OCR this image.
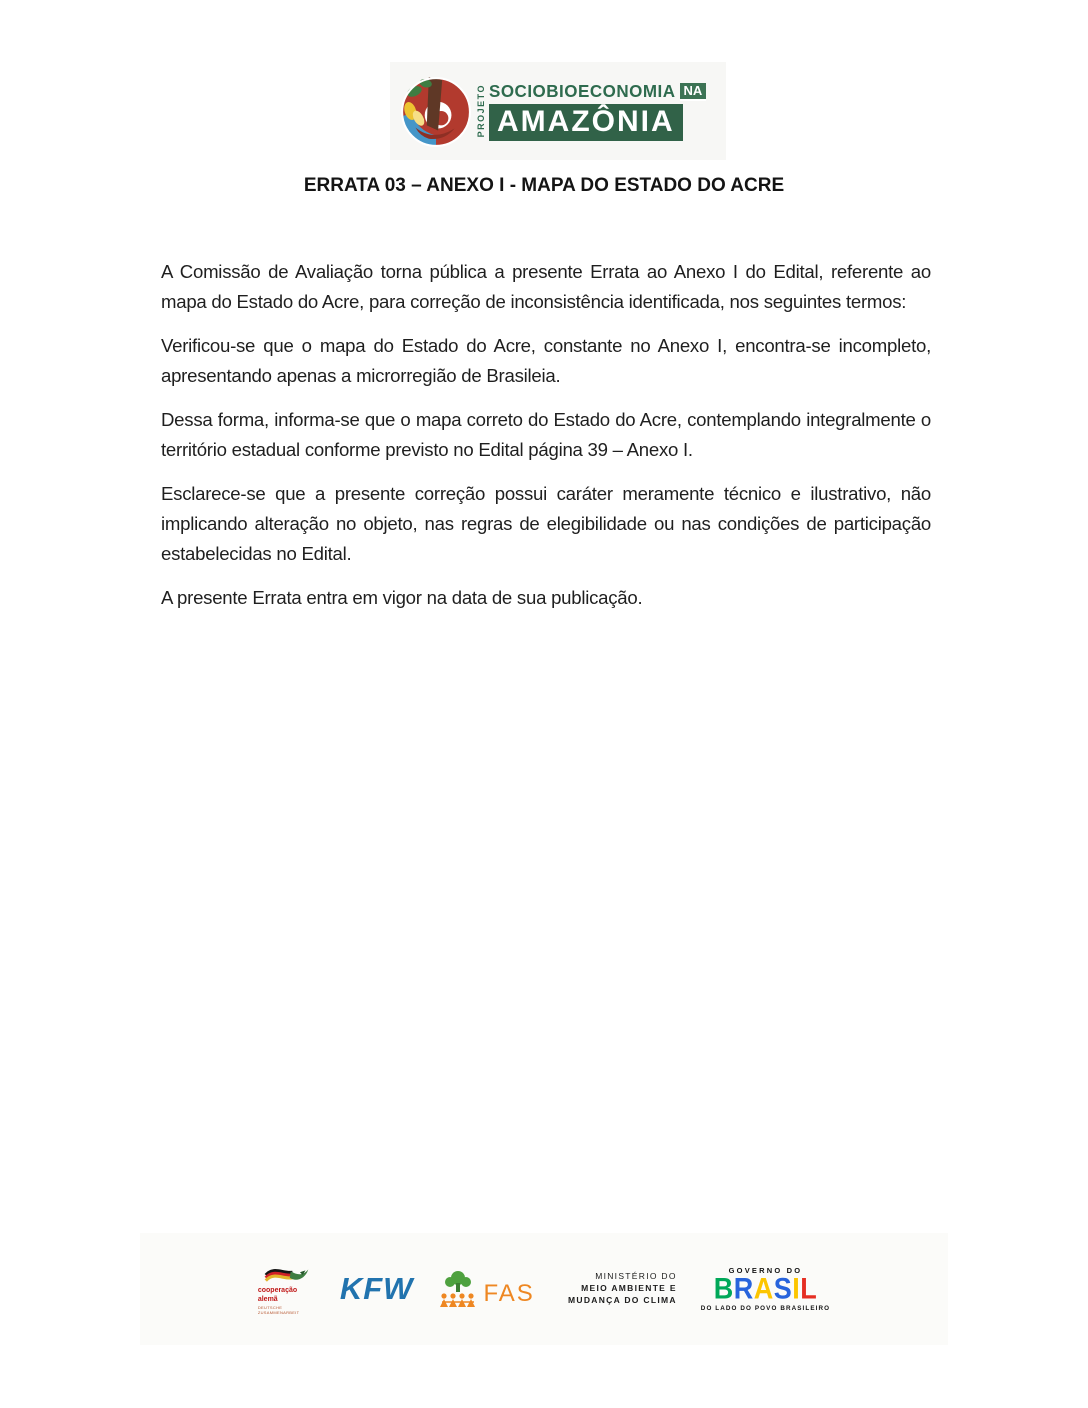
PROJETO SOCIOBIOECONOMIA NA
AMAZÔNIA
ERRATA 03 – ANEXO I - MAPA DO ESTADO DO ACRE

A Comissão de Avaliação torna pública a presente Errata ao Anexo I do Edital, referente ao mapa do Estado do Acre, para correção de inconsistência identificada, nos seguintes termos:

Verificou-se que o mapa do Estado do Acre, constante no Anexo I, encontra-se incompleto, apresentando apenas a microrregião de Brasileia.

Dessa forma, informa-se que o mapa correto do Estado do Acre, contemplando integralmente o território estadual conforme previsto no Edital página 39 – Anexo I.

Esclarece-se que a presente correção possui caráter meramente técnico e ilustrativo, não implicando alteração no objeto, nas regras de elegibilidade ou nas condições de participação estabelecidas no Edital.

A presente Errata entra em vigor na data de sua publicação.

cooperação
alemã
DEUTSCHE ZUSAMMENARBEIT
KFW	FAS
MINISTÉRIO DO
MEIO AMBIENTE E
MUDANÇA DO CLIMA
GOVERNO DO
BRASIL
DO LADO DO POVO BRASILEIRO
